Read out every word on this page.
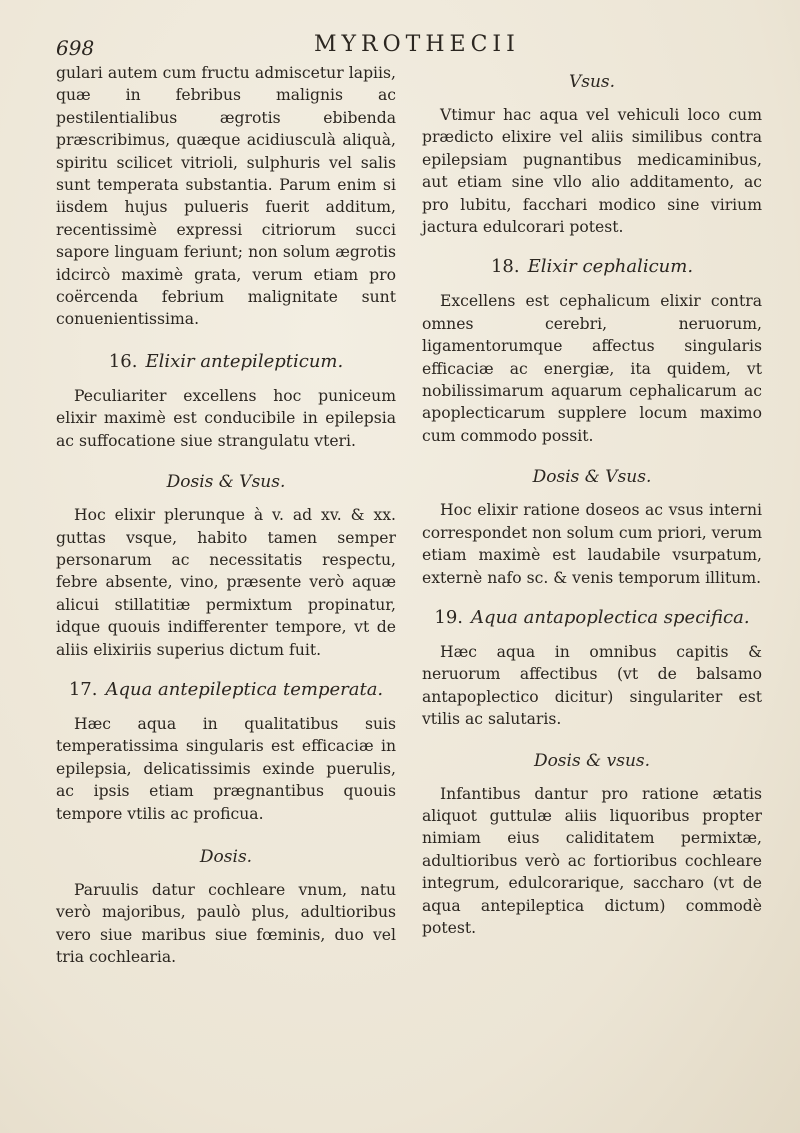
698	MYROTHECII

gulari autem cum fructu admiscetur lapiis, quæ in febribus malignis ac pestilentialibus ægrotis ebibenda præscribimus, quæque acidiusculà aliquà, spiritu scilicet vitrioli, sulphuris vel salis sunt temperata substantia. Parum enim si iisdem hujus pulueris fuerit additum, recentissimè expressi citriorum succi sapore linguam feriunt; non solum ægrotis idcircò maximè grata, verum etiam pro coërcenda febrium malignitate sunt conuenientissima.

16. Elixir antepilepticum.

Peculiariter excellens hoc puniceum elixir maximè est conducibile in epilepsia ac suffocatione siue strangulatu vteri.

Dosis & Vsus.

Hoc elixir plerunque à v. ad xv. & xx. guttas vsque, habito tamen semper personarum ac necessitatis respectu, febre absente, vino, præsente verò aquæ alicui stillatitiæ permixtum propinatur, idque quouis indifferenter tempore, vt de aliis elixiriis superius dictum fuit.

17. Aqua antepileptica temperata.

Hæc aqua in qualitatibus suis temperatissima singularis est efficaciæ in epilepsia, delicatissimis exinde puerulis, ac ipsis etiam prægnantibus quouis tempore vtilis ac proficua.

Dosis.

Paruulis datur cochleare vnum, natu verò majoribus, paulò plus, adultioribus vero siue maribus siue fœminis, duo vel tria cochlearia.

Vsus.

Vtimur hac aqua vel vehiculi loco cum prædicto elixire vel aliis similibus contra epilepsiam pugnantibus medicaminibus, aut etiam sine vllo alio additamento, ac pro lubitu, facchari modico sine virium jactura edulcorari potest.

18. Elixir cephalicum.

Excellens est cephalicum elixir contra omnes cerebri, neruorum, ligamentorumque affectus singularis efficaciæ ac energiæ, ita quidem, vt nobilissimarum aquarum cephalicarum ac apoplecticarum supplere locum maximo cum commodo possit.

Dosis & Vsus.

Hoc elixir ratione doseos ac vsus interni correspondet non solum cum priori, verum etiam maximè est laudabile vsurpatum, externè nafo sc. & venis temporum illitum.

19. Aqua antapoplectica specifica.

Hæc aqua in omnibus capitis & neruorum affectibus (vt de balsamo antapoplectico dicitur) singulariter est vtilis ac salutaris.

Dosis & vsus.

Infantibus dantur pro ratione ætatis aliquot guttulæ aliis liquoribus propter nimiam eius caliditatem permixtæ, adultioribus verò ac fortioribus cochleare integrum, edulcorarique, saccharo (vt de aqua antepileptica dictum) commodè potest.
